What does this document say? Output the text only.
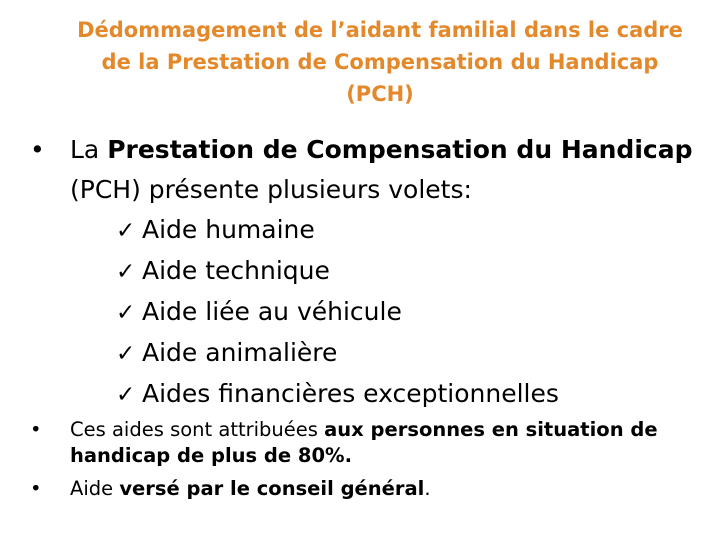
Dédommagement de l’aidant familial dans le cadre
de la Prestation de Compensation du Handicap
(PCH)
•	La Prestation de Compensation du Handicap
(PCH) présente plusieurs volets:
✓ Aide humaine
✓ Aide technique
✓ Aide liée au véhicule
✓ Aide animalière
✓ Aides financières exceptionnelles
•	Ces aides sont attribuées aux personnes en situation de handicap de plus de 80%.
•	Aide versé par le conseil général.
